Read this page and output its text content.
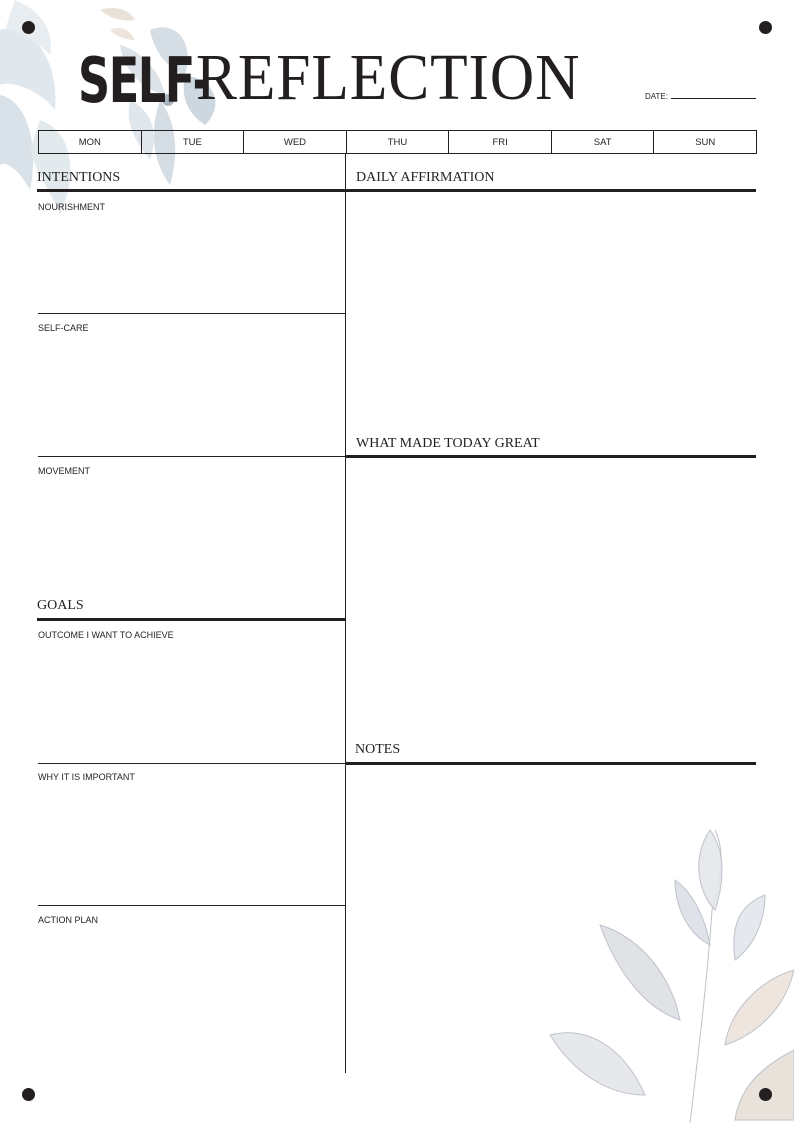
SELF-
REFLECTION	DATE:
MON	TUE	WED	THU	FRI	SAT	SUN
INTENTIONS
NOURISHMENT
SELF-CARE
MOVEMENT
GOALS
OUTCOME I WANT TO ACHIEVE
WHY IT IS IMPORTANT
ACTION PLAN
DAILY AFFIRMATION
WHAT MADE TODAY GREAT
NOTES
